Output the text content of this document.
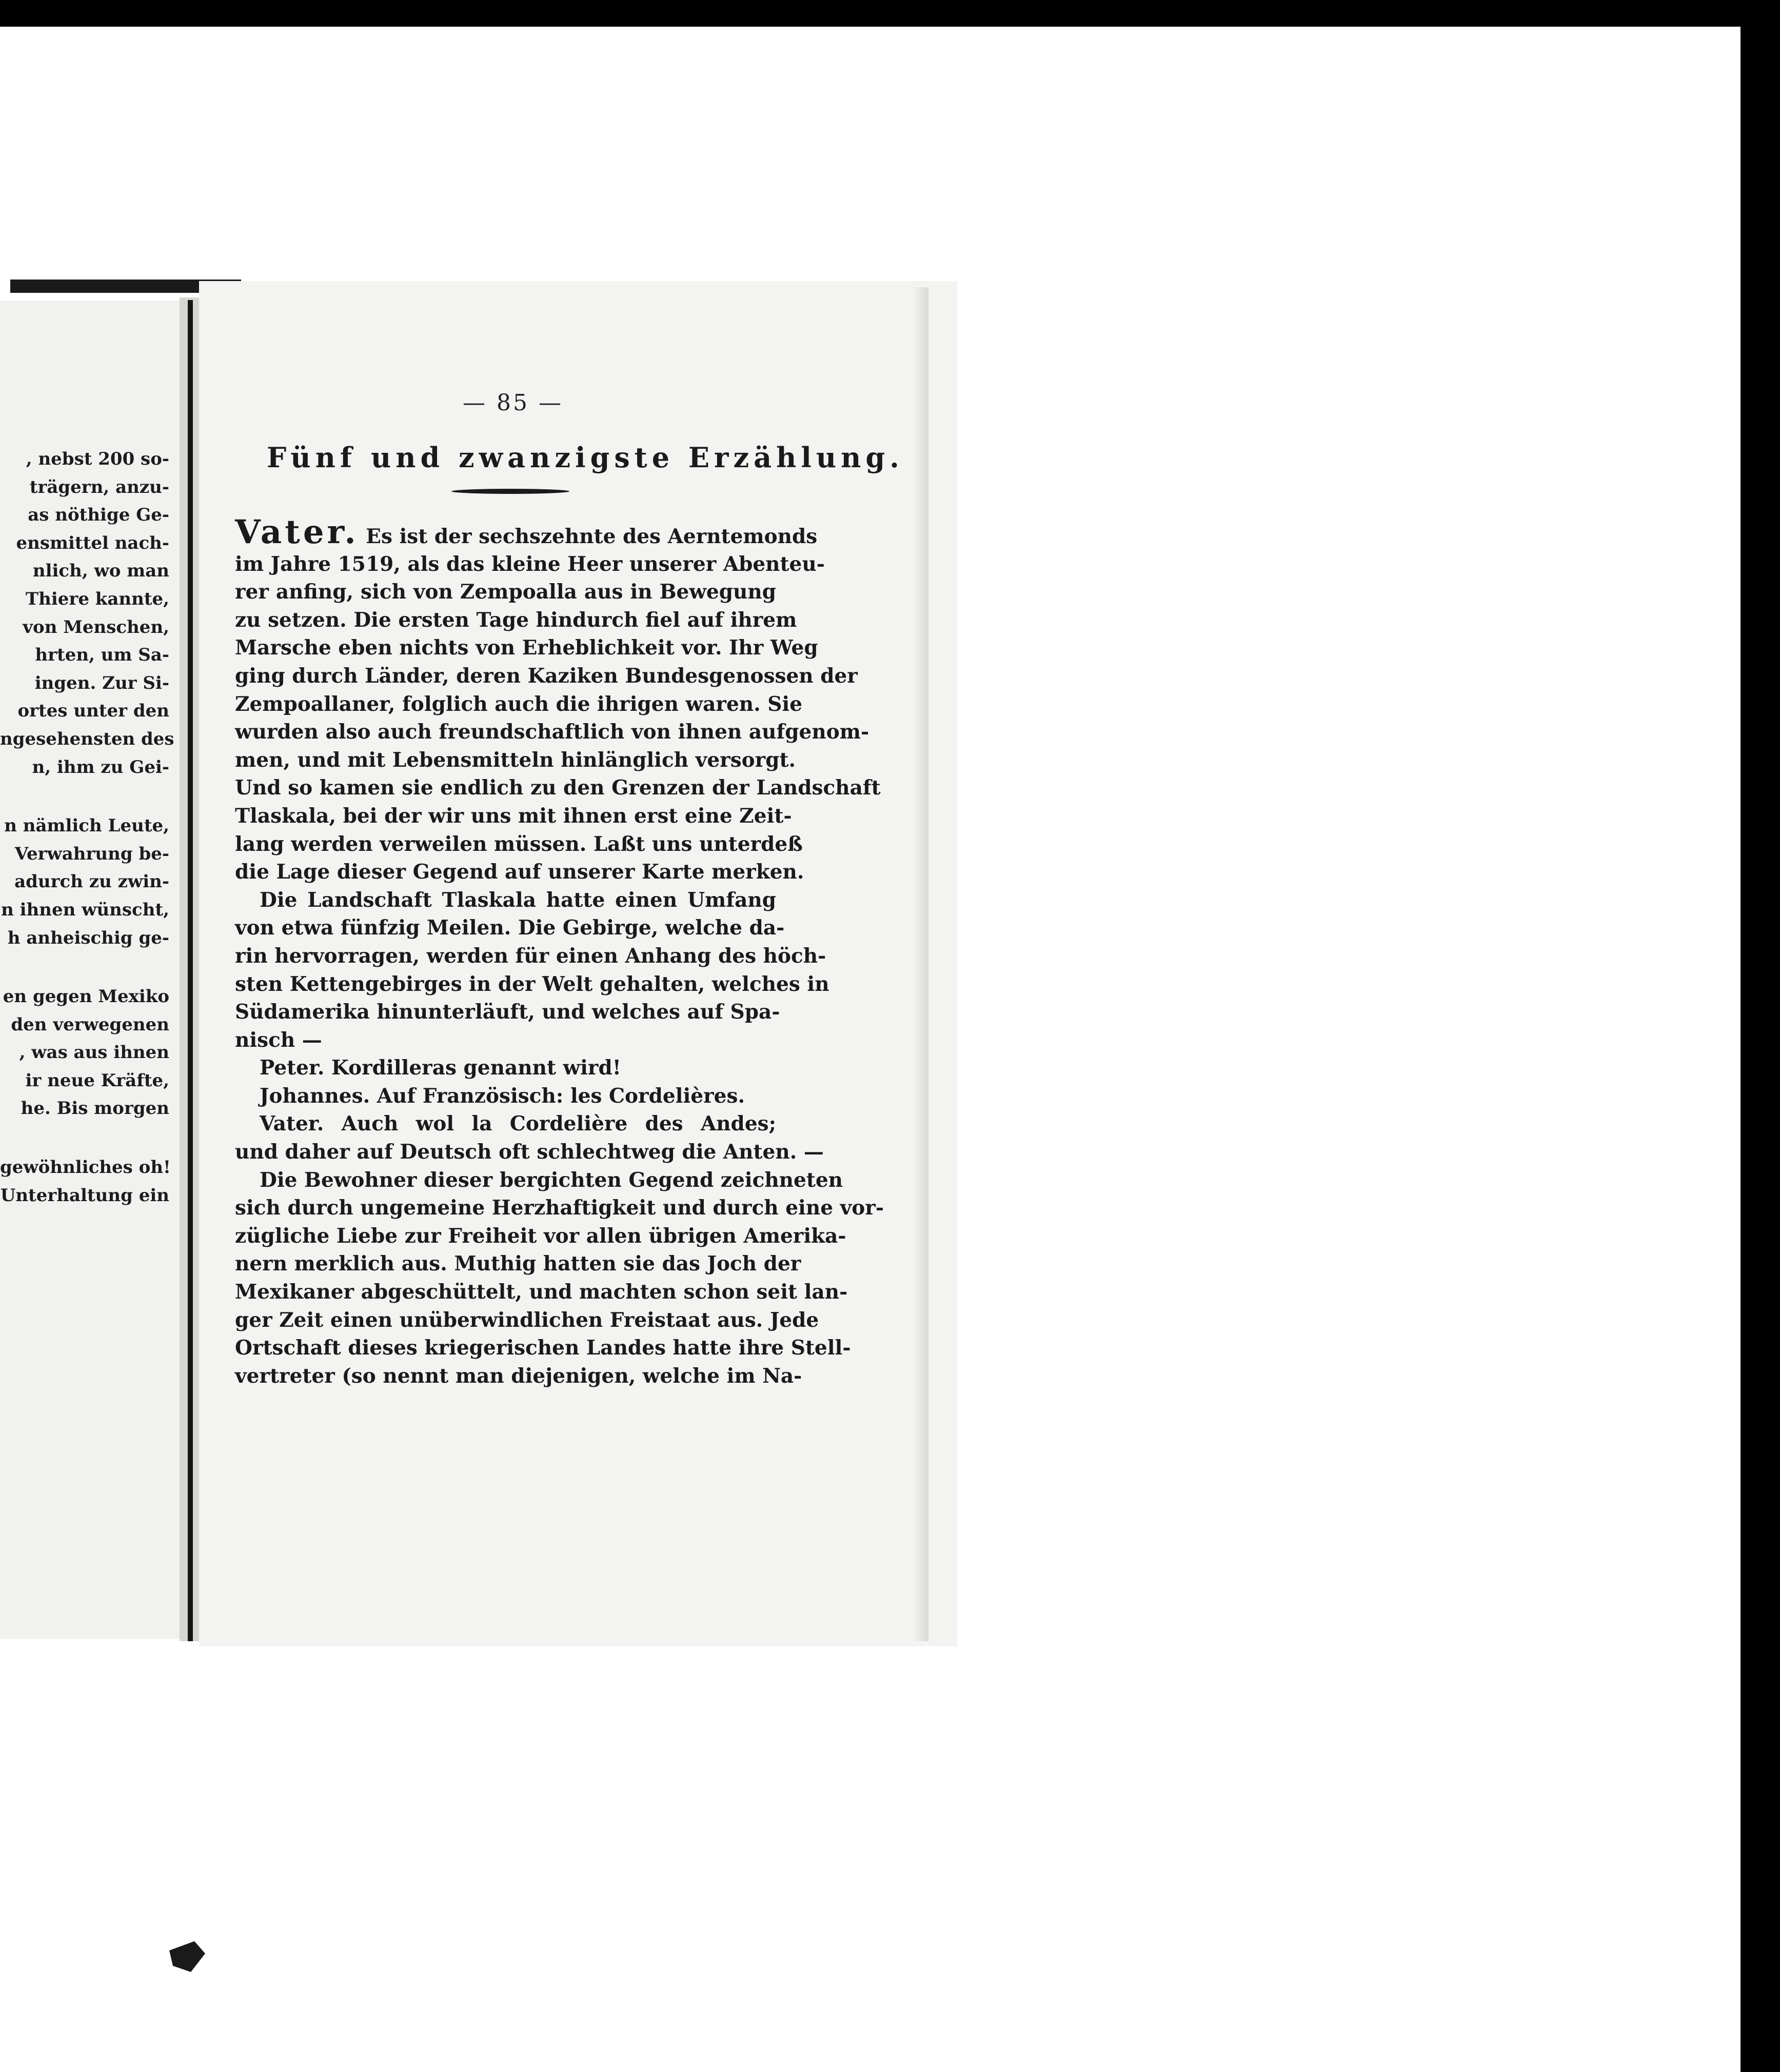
, nebst 200 so-
trägern, anzu-
as nöthige Ge-
ensmittel nach-
nlich, wo man
Thiere kannte,
von Menschen,
hrten, um Sa-
ingen. Zur Si-
ortes unter den
ngesehensten des
n, ihm zu Gei-
n nämlich Leute,
Verwahrung be-
adurch zu zwin-
n ihnen wünscht,
h anheischig ge-
en gegen Mexiko
den verwegenen
, was aus ihnen
ir neue Kräfte,
he. Bis morgen
gewöhnliches oh!
Unterhaltung ein
— 85 —
Fünf und zwanzigste Erzählung.
Vater. Es ist der sechszehnte des Aerntemonds
im Jahre 1519, als das kleine Heer unserer Abenteu-
rer anfing, sich von Zempoalla aus in Bewegung
zu setzen. Die ersten Tage hindurch fiel auf ihrem
Marsche eben nichts von Erheblichkeit vor. Ihr Weg
ging durch Länder, deren Kaziken Bundesgenossen der
Zempoallaner, folglich auch die ihrigen waren. Sie
wurden also auch freundschaftlich von ihnen aufgenom-
men, und mit Lebensmitteln hinlänglich versorgt.
Und so kamen sie endlich zu den Grenzen der Landschaft
Tlaskala, bei der wir uns mit ihnen erst eine Zeit-
lang werden verweilen müssen. Laßt uns unterdeß
die Lage dieser Gegend auf unserer Karte merken.
Die Landschaft Tlaskala hatte einen Umfang
von etwa fünfzig Meilen. Die Gebirge, welche da-
rin hervorragen, werden für einen Anhang des höch-
sten Kettengebirges in der Welt gehalten, welches in
Südamerika hinunterläuft, und welches auf Spa-
nisch —
Peter. Kordilleras genannt wird!
Johannes. Auf Französisch: les Cordelières.
Vater. Auch wol la Cordelière des Andes;
und daher auf Deutsch oft schlechtweg die Anten. —
Die Bewohner dieser bergichten Gegend zeichneten
sich durch ungemeine Herzhaftigkeit und durch eine vor-
zügliche Liebe zur Freiheit vor allen übrigen Amerika-
nern merklich aus. Muthig hatten sie das Joch der
Mexikaner abgeschüttelt, und machten schon seit lan-
ger Zeit einen unüberwindlichen Freistaat aus. Jede
Ortschaft dieses kriegerischen Landes hatte ihre Stell-
vertreter (so nennt man diejenigen, welche im Na-
